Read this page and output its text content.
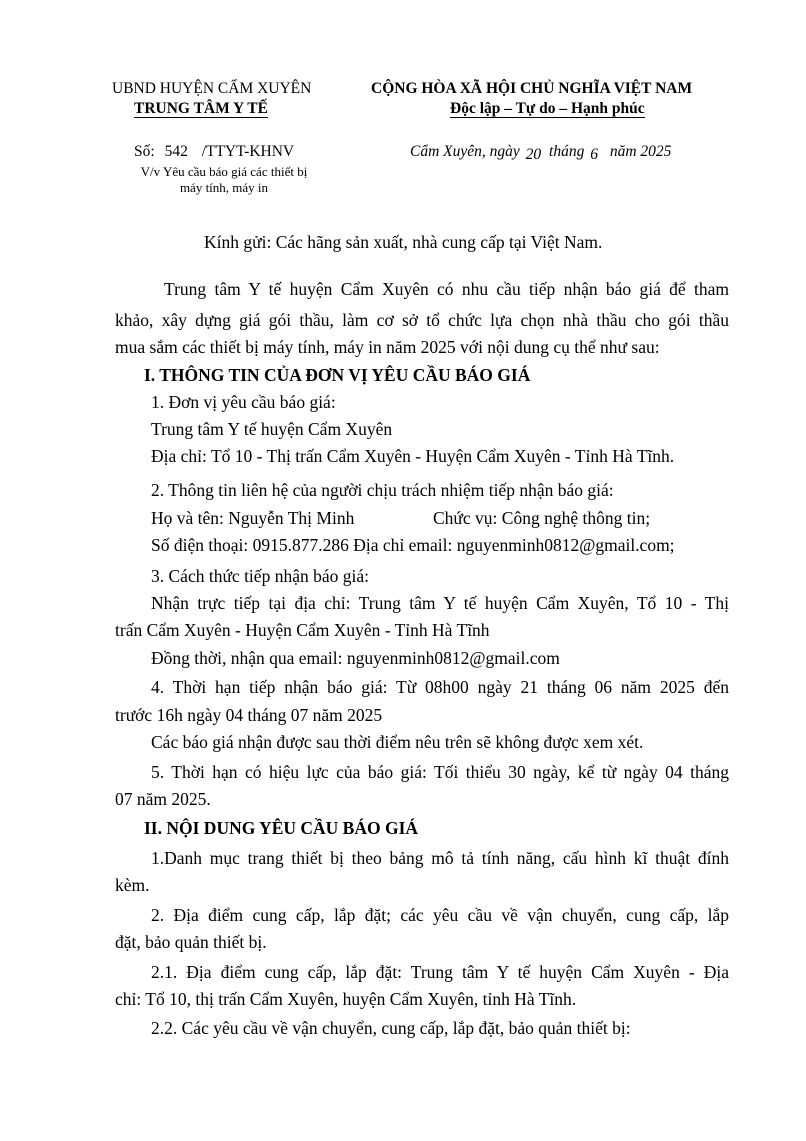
UBND HUYỆN CẨM XUYÊN
TRUNG TÂM Y TẾ
CỘNG HÒA XÃ HỘI CHỦ NGHĨA VIỆT NAM
Độc lập – Tự do – Hạnh phúc
Số: 542 /TTYT-KHNV
V/v Yêu cầu báo giá các thiết bị
máy tính, máy in
Cẩm Xuyên, ngày 20 tháng 6 năm 2025
Kính gửi: Các hãng sản xuất, nhà cung cấp tại Việt Nam.
Trung tâm Y tế huyện Cẩm Xuyên có nhu cầu tiếp nhận báo giá để tham
khảo, xây dựng giá gói thầu, làm cơ sở tổ chức lựa chọn nhà thầu cho gói thầu
mua sắm các thiết bị máy tính, máy in năm 2025 với nội dung cụ thể như sau:
I. THÔNG TIN CỦA ĐƠN VỊ YÊU CẦU BÁO GIÁ
1. Đơn vị yêu cầu báo giá:
Trung tâm Y tế huyện Cẩm Xuyên
Địa chỉ: Tổ 10 - Thị trấn Cẩm Xuyên - Huyện Cẩm Xuyên - Tỉnh Hà Tĩnh.
2. Thông tin liên hệ của người chịu trách nhiệm tiếp nhận báo giá:
Họ và tên: Nguyễn Thị Minh	Chức vụ: Công nghệ thông tin;
Số điện thoại: 0915.877.286 Địa chỉ email: nguyenminh0812@gmail.com;
3. Cách thức tiếp nhận báo giá:
Nhận trực tiếp tại địa chỉ: Trung tâm Y tế huyện Cẩm Xuyên, Tổ 10 - Thị
trấn Cẩm Xuyên - Huyện Cẩm Xuyên - Tỉnh Hà Tĩnh
Đồng thời, nhận qua email: nguyenminh0812@gmail.com
4. Thời hạn tiếp nhận báo giá: Từ 08h00 ngày 21 tháng 06 năm 2025 đến
trước 16h ngày 04 tháng 07 năm 2025
Các báo giá nhận được sau thời điểm nêu trên sẽ không được xem xét.
5. Thời hạn có hiệu lực của báo giá: Tối thiểu 30 ngày, kể từ ngày 04 tháng
07 năm 2025.
II. NỘI DUNG YÊU CẦU BÁO GIÁ
1.Danh mục trang thiết bị theo bảng mô tả tính năng, cấu hình kĩ thuật đính
kèm.
2. Địa điểm cung cấp, lắp đặt; các yêu cầu về vận chuyển, cung cấp, lắp
đặt, bảo quản thiết bị.
2.1. Địa điểm cung cấp, lắp đặt: Trung tâm Y tế huyện Cẩm Xuyên - Địa
chỉ: Tổ 10, thị trấn Cẩm Xuyên, huyện Cẩm Xuyên, tỉnh Hà Tĩnh.
2.2. Các yêu cầu về vận chuyển, cung cấp, lắp đặt, bảo quản thiết bị:
